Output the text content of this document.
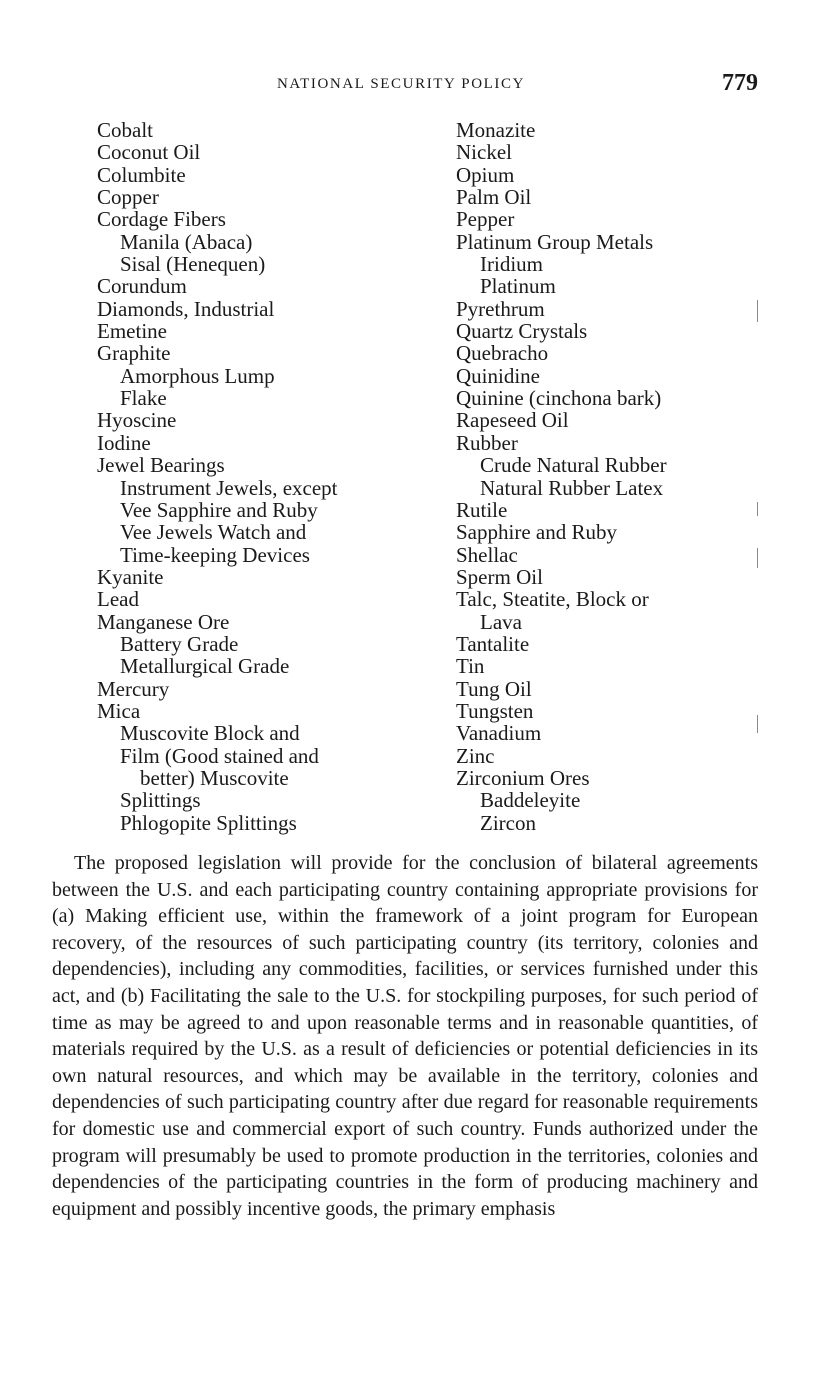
NATIONAL SECURITY POLICY	779
Cobalt
Coconut Oil
Columbite
Copper
Cordage Fibers
Manila (Abaca)
Sisal (Henequen)
Corundum
Diamonds, Industrial
Emetine
Graphite
Amorphous Lump
Flake
Hyoscine
Iodine
Jewel Bearings
Instrument Jewels, except
Vee Sapphire and Ruby
Vee Jewels Watch and
Time-keeping Devices
Kyanite
Lead
Manganese Ore
Battery Grade
Metallurgical Grade
Mercury
Mica
Muscovite Block and
Film (Good stained and
better) Muscovite
Splittings
Phlogopite Splittings
Monazite
Nickel
Opium
Palm Oil
Pepper
Platinum Group Metals
Iridium
Platinum
Pyrethrum
Quartz Crystals
Quebracho
Quinidine
Quinine (cinchona bark)
Rapeseed Oil
Rubber
Crude Natural Rubber
Natural Rubber Latex
Rutile
Sapphire and Ruby
Shellac
Sperm Oil
Talc, Steatite, Block or
Lava
Tantalite
Tin
Tung Oil
Tungsten
Vanadium
Zinc
Zirconium Ores
Baddeleyite
Zircon

The proposed legislation will provide for the conclusion of bilateral agreements between the U.S. and each participating country containing appropriate provisions for (a) Making efficient use, within the framework of a joint program for European recovery, of the resources of such participating country (its territory, colonies and dependencies), including any commodities, facilities, or services furnished under this act, and (b) Facilitating the sale to the U.S. for stockpiling purposes, for such period of time as may be agreed to and upon reasonable terms and in reasonable quantities, of materials required by the U.S. as a result of deficiencies or potential deficiencies in its own natural resources, and which may be available in the territory, colonies and dependencies of such participating country after due regard for reasonable requirements for domestic use and commercial export of such country. Funds authorized under the program will presumably be used to promote production in the territories, colonies and dependencies of the participating countries in the form of producing machinery and equipment and possibly incentive goods, the primary emphasis
